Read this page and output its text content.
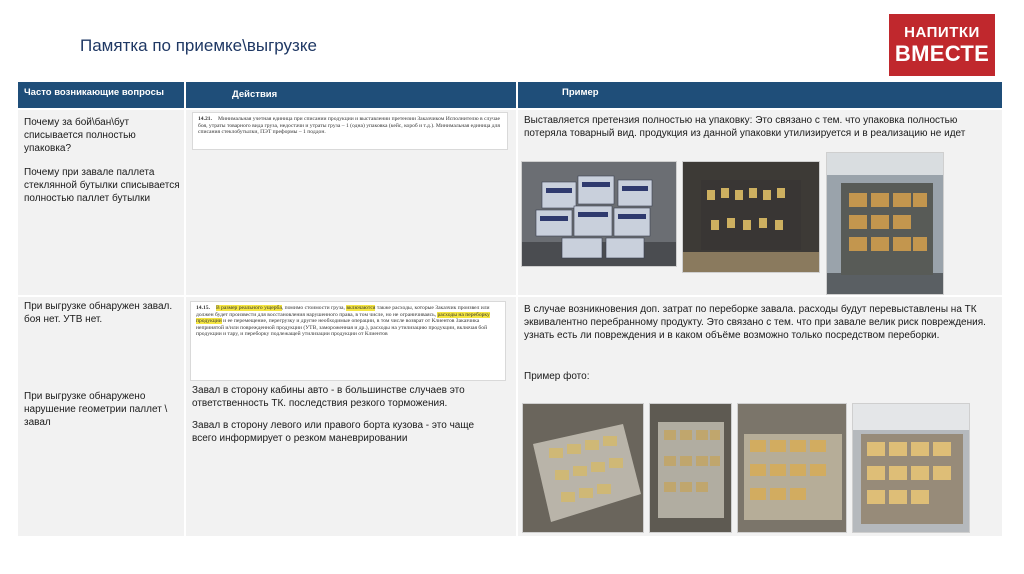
Памятка по приемке\выгрузке
НАПИТКИ
ВМЕСТЕ
Часто возникающие вопросы	Действия	Пример
Почему за бой\бан\бут списывается полностью упаковка?
Почему при завале паллета стеклянной бутылки списывается полностью паллет бутылки
14.21. Минимальная учетная единица при списании продукции и выставлении претензии Заказчиком Исполнителю в случае боя, утраты товарного вида груза, недостачи и утраты груза – 1 (одна) упаковка (кейс, короб и т.д.). Минимальная единица для списания стеклобутылки, ПЭТ преформы – 1 поддон.
Выставляется претензия полностью на упаковку: Это связано с тем. что упаковка полностью потеряла товарный вид. продукция из данной упаковки утилизируется и в реализацию не идет
При выгрузке обнаружен завал. боя нет. УТВ нет.
При выгрузке обнаружено нарушение геометрии паллет \ завал
14.15. В размер реального ущерба, помимо стоимости груза, включаются также расходы, которые Заказчик произвел или должен будет произвести для восстановления нарушенного права, в том числе, но не ограничиваясь, расходы на переборку продукции и ее перемещение, перегрузку и другие необходимые операции, в том числе возврат от Клиентов Заказчика непринятой и/или поврежденной продукции (УТВ, замороженная и др.), расходы на утилизацию продукции, включая бой продукции и тару, и переборку подлежащей утилизации продукции от Клиентов
Завал в сторону кабины авто - в большинстве случаев это ответственность ТК. последствия резкого торможения.
Завал в сторону левого или правого борта кузова - это чаще всего информирует о резком маневрировании
В случае возникновения доп. затрат по переборке завала. расходы будут перевыставлены на ТК эквивалентно перебранному продукту. Это связано с тем. что при завале велик риск повреждения. узнать есть ли повреждения и в каком объёме возможно только посредством переборки.
Пример фото:
